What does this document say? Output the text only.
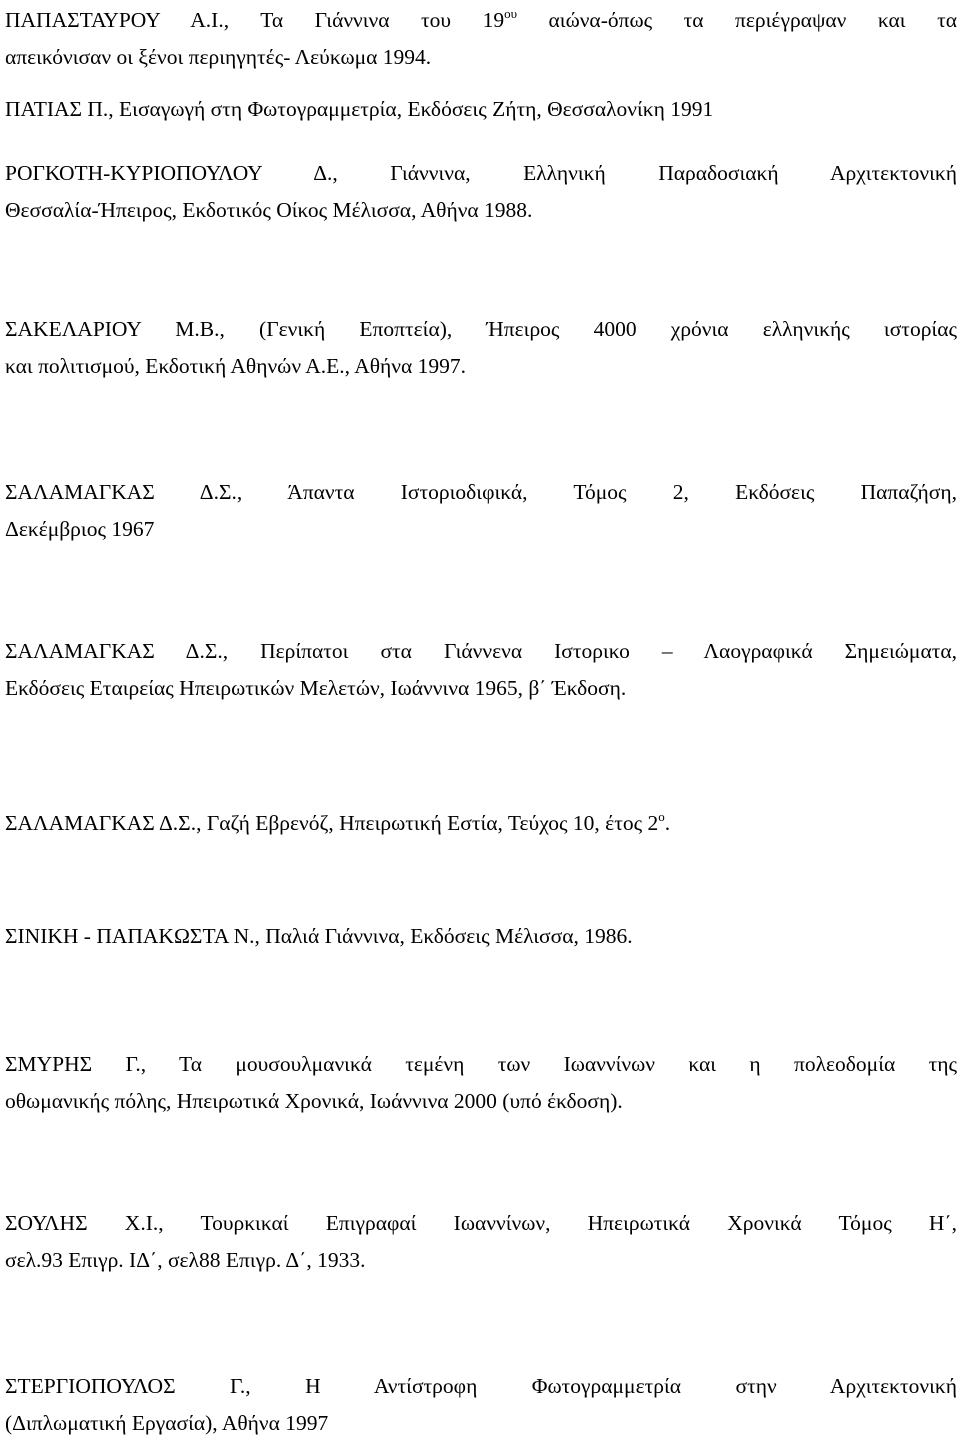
ΠΑΠΑΣΤΑΥΡΟΥ Α.Ι., Τα Γιάννινα του $19^{o\upsilon}$ αιώνα-όπως τα περιέγραψαν και τα
απεικόνισαν οι ξένοι περιηγητές- Λεύκωμα 1994.
ΠΑΤΙΑΣ Π., Εισαγωγή στη Φωτογραμμετρία, Εκδόσεις Ζήτη, Θεσσαλονίκη 1991
ΡΟΓΚΟΤΗ-ΚΥΡΙΟΠΟΥΛΟΥ Δ., Γιάννινα, Ελληνική Παραδοσιακή Αρχιτεκτονική
Θεσσαλία-Ήπειρος, Εκδοτικός Οίκος Μέλισσα, Αθήνα 1988.
ΣΑΚΕΛΑΡΙΟΥ Μ.Β., (Γενική Εποπτεία), Ήπειρος 4000 χρόνια ελληνικής ιστορίας
και πολιτισμού, Εκδοτική Αθηνών Α.Ε., Αθήνα 1997.
ΣΑΛΑΜΑΓΚΑΣ Δ.Σ., Άπαντα Ιστοριοδιφικά, Τόμος 2, Εκδόσεις Παπαζήση,
Δεκέμβριος 1967
ΣΑΛΑΜΑΓΚΑΣ Δ.Σ., Περίπατοι στα Γιάννενα Ιστορικο – Λαογραφικά Σημειώματα,
Εκδόσεις Εταιρείας Ηπειρωτικών Μελετών, Ιωάννινα 1965, β΄ Έκδοση.
ΣΑΛΑΜΑΓΚΑΣ Δ.Σ., Γαζή Εβρενόζ, Ηπειρωτική Εστία, Τεύχος 10, έτος $2^o$.
ΣΙΝΙΚΗ - ΠΑΠΑΚΩΣΤΑ Ν., Παλιά Γιάννινα, Εκδόσεις Μέλισσα, 1986.
ΣΜΥΡΗΣ Γ., Τα μουσουλμανικά τεμένη των Ιωαννίνων και η πολεοδομία της
οθωμανικής πόλης, Ηπειρωτικά Χρονικά, Ιωάννινα 2000 (υπό έκδοση).
ΣΟΥΛΗΣ Χ.Ι., Τουρκικαί Επιγραφαί Ιωαννίνων, Ηπειρωτικά Χρονικά Τόμος Η΄,
σελ.93 Επιγρ. ΙΔ΄, σελ88 Επιγρ. Δ΄, 1933.
ΣΤΕΡΓΙΟΠΟΥΛΟΣ Γ., Η Αντίστροφη Φωτογραμμετρία στην Αρχιτεκτονική
(Διπλωματική Εργασία), Αθήνα 1997
